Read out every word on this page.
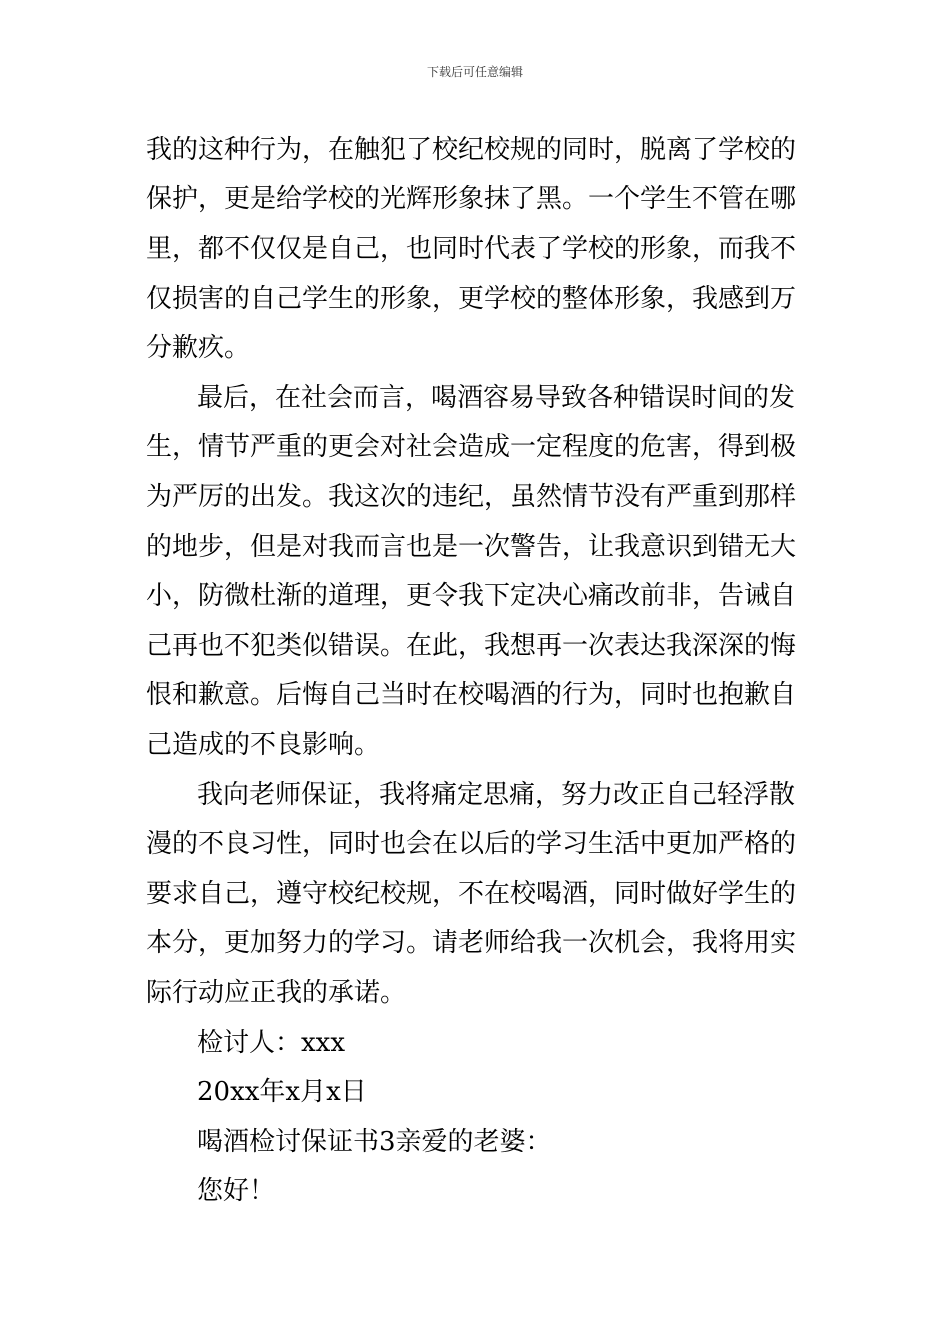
下载后可任意编辑
我的这种行为，在触犯了校纪校规的同时，脱离了学校的
保护，更是给学校的光辉形象抹了黑。一个学生不管在哪
里，都不仅仅是自己，也同时代表了学校的形象，而我不
仅损害的自己学生的形象，更学校的整体形象，我感到万
分歉疚。
最后，在社会而言，喝酒容易导致各种错误时间的发
生，情节严重的更会对社会造成一定程度的危害，得到极
为严厉的出发。我这次的违纪，虽然情节没有严重到那样
的地步，但是对我而言也是一次警告，让我意识到错无大
小，防微杜渐的道理，更令我下定决心痛改前非，告诫自
己再也不犯类似错误。在此，我想再一次表达我深深的悔
恨和歉意。后悔自己当时在校喝酒的行为，同时也抱歉自
己造成的不良影响。
我向老师保证，我将痛定思痛，努力改正自己轻浮散
漫的不良习性，同时也会在以后的学习生活中更加严格的
要求自己，遵守校纪校规，不在校喝酒，同时做好学生的
本分，更加努力的学习。请老师给我一次机会，我将用实
际行动应正我的承诺。
检讨人：xxx
20xx年x月x日
喝酒检讨保证书3亲爱的老婆：
您好！
